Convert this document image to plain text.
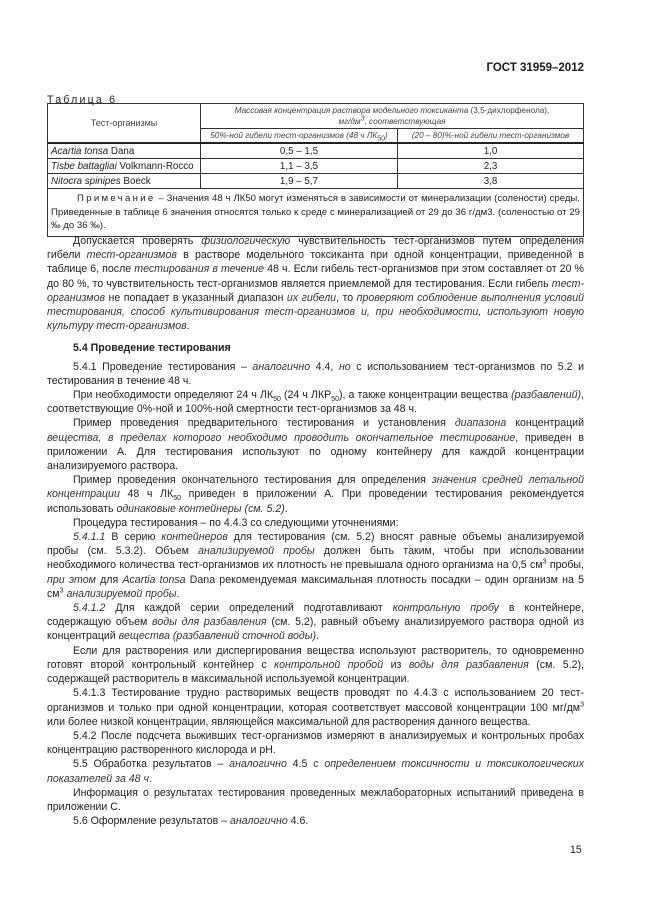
ГОСТ 31959–2012
Таблица 6
Тест-организмы	Массовая концентрация раствора модельного токсиканта (3,5-дихлорфенола),
$мг/дм^3$, соответствующая	
	50%-ной гибели тест-организмов (48 ч $ЛК_{50}$)	(20 – 80)%-ной гибели тест-организмов
Acartia tonsa Dana	0,5 – 1,5	1,0
Tisbe battagliai Volkmann-Rocco	1,1 – 3,5	2,3
Nitocra spinipes Boeck	1,9 – 5,7	3,8
Примечание – Значения 48 ч ЛК50 могут изменяться в зависимости от минерализации (солености) среды. Приведенные в таблице 6 значения относятся только к среде с минерализацией от 29 до 36 г/дм3. (соленостью от 29 ‰ до 36 ‰).		

Допускается проверять физиологическую чувствительность тест-организмов путем определения гибели тест-организмов в растворе модельного токсиканта при одной концентрации, приведенной в таблице 6, после тестирования в течение 48 ч. Если гибель тест-организмов при этом составляет от 20 % до 80 %, то чувствительность тест-организмов является приемлемой для тестирования. Если гибель тест-организмов не попадает в указанный диапазон их гибели, то проверяют соблюдение выполнения условий тестирования, способ культивирования тест-организмов и, при необходимости, используют новую культуру тест-организмов.

5.4 Проведение тестирования

5.4.1 Проведение тестирования – аналогично 4.4, но с использованием тест-организмов по 5.2 и тестирования в течение 48 ч.

При необходимости определяют 24 ч $ЛК_{50}$ (24 ч $ЛКР_{50}$), а также концентрации вещества (разбавлений), соответствующие 0%-ной и 100%-ной смертности тест-организмов за 48 ч.

Пример проведения предварительного тестирования и установления диапазона концентраций вещества, в пределах которого необходимо проводить окончательное тестирование, приведен в приложении А. Для тестирования используют по одному контейнеру для каждой концентрации анализируемого раствора.

Пример проведения окончательного тестирования для определения значения средней летальной концентрации 48 ч $ЛК_{50}$ приведен в приложении А. При проведении тестирования рекомендуется использовать одинаковые контейнеры (см. 5.2).

Процедура тестирования – по 4.4.3 со следующими уточнениями:

5.4.1.1 В серию контейнеров для тестирования (см. 5.2) вносят равные объемы анализируемой пробы (см. 5.3.2). Объем анализируемой пробы должен быть таким, чтобы при использовании необходимого количества тест-организмов их плотность не превышала одного организма на 0,5 $см^3$ пробы, при этом для Acartia tonsa Dana рекомендуемая максимальная плотность посадки – один организм на 5 $см^3$ анализируемой пробы.

5.4.1.2 Для каждой серии определений подготавливают контрольную пробу в контейнере, содержащую объем воды для разбавления (см. 5.2), равный объему анализируемого раствора одной из концентраций вещества (разбавлений сточной воды).

Если для растворения или диспергирования вещества используют растворитель, то одновременно готовят второй контрольный контейнер с контрольной пробой из воды для разбавления (см. 5.2), содержащей растворитель в максимальной используемой концентрации.

5.4.1.3 Тестирование трудно растворимых веществ проводят по 4.4.3 с использованием 20 тест-организмов и только при одной концентрации, которая соответствует массовой концентрации 100 $мг/дм^3$ или более низкой концентрации, являющейся максимальной для растворения данного вещества.

5.4.2 После подсчета выживших тест-организмов измеряют в анализируемых и контрольных пробах концентрацию растворенного кислорода и pH.

5.5 Обработка результатов – аналогично 4.5 с определением токсичности и токсикологических показателей за 48 ч.

Информация о результатах тестирования проведенных межлабораторных испытаниий приведена в приложении С.

5.6 Оформление результатов – аналогично 4.6.

15
